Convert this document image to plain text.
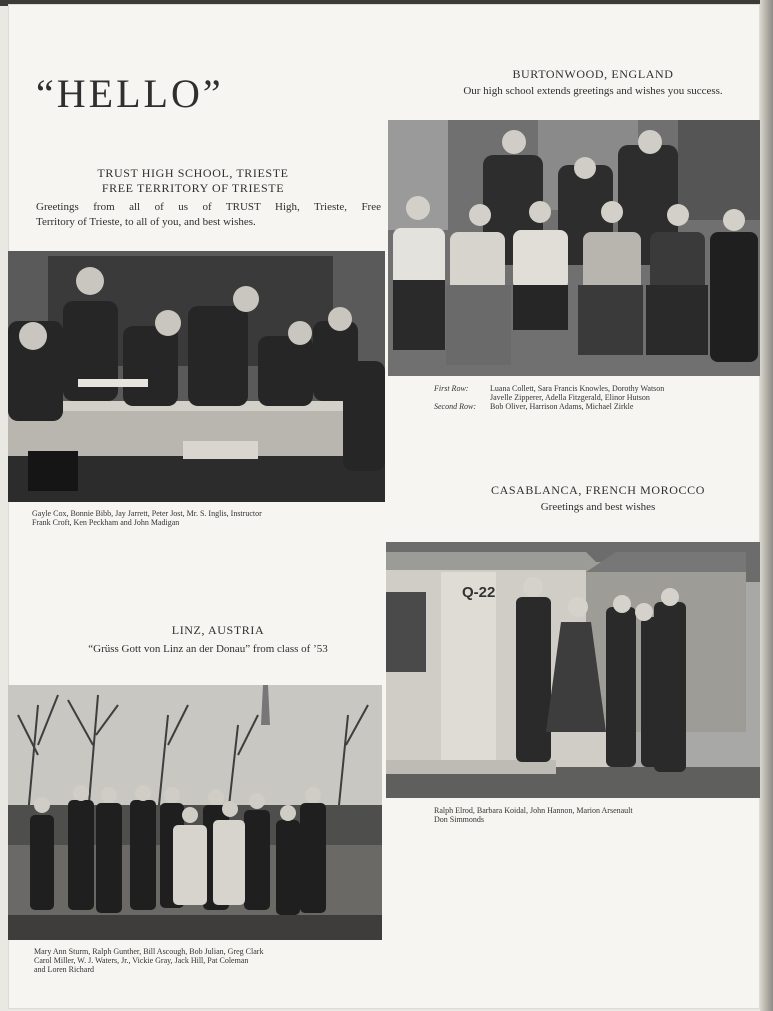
“HELLO”
TRUST HIGH SCHOOL, TRIESTE
FREE TERRITORY OF TRIESTE
Greetings from all of us of TRUST High, Trieste, Free
Territory of Trieste, to all of you, and best wishes.
Gayle Cox, Bonnie Bibb, Jay Jarrett, Peter Jost, Mr. S. Inglis, Instructor
Frank Croft, Ken Peckham and John Madigan
BURTONWOOD, ENGLAND
Our high school extends greetings and wishes you success.
First Row:	Luana Collett, Sara Francis Knowles, Dorothy Watson
Javelle Zipperer, Adella Fitzgerald, Elinor Hutson
Second Row: Bob Oliver, Harrison Adams, Michael Zirkle
CASABLANCA, FRENCH MOROCCO
Greetings and best wishes
Q-22
Ralph Elrod, Barbara Koidal, John Hannon, Marion Arsenault
Don Simmonds
LINZ, AUSTRIA
“Grüss Gott von Linz an der Donau” from class of ’53
Mary Ann Sturm, Ralph Gunther, Bill Ascough, Bob Julian, Greg Clark
Carol Miller, W. J. Waters, Jr., Vickie Gray, Jack Hill, Pat Coleman
and Loren Richard
